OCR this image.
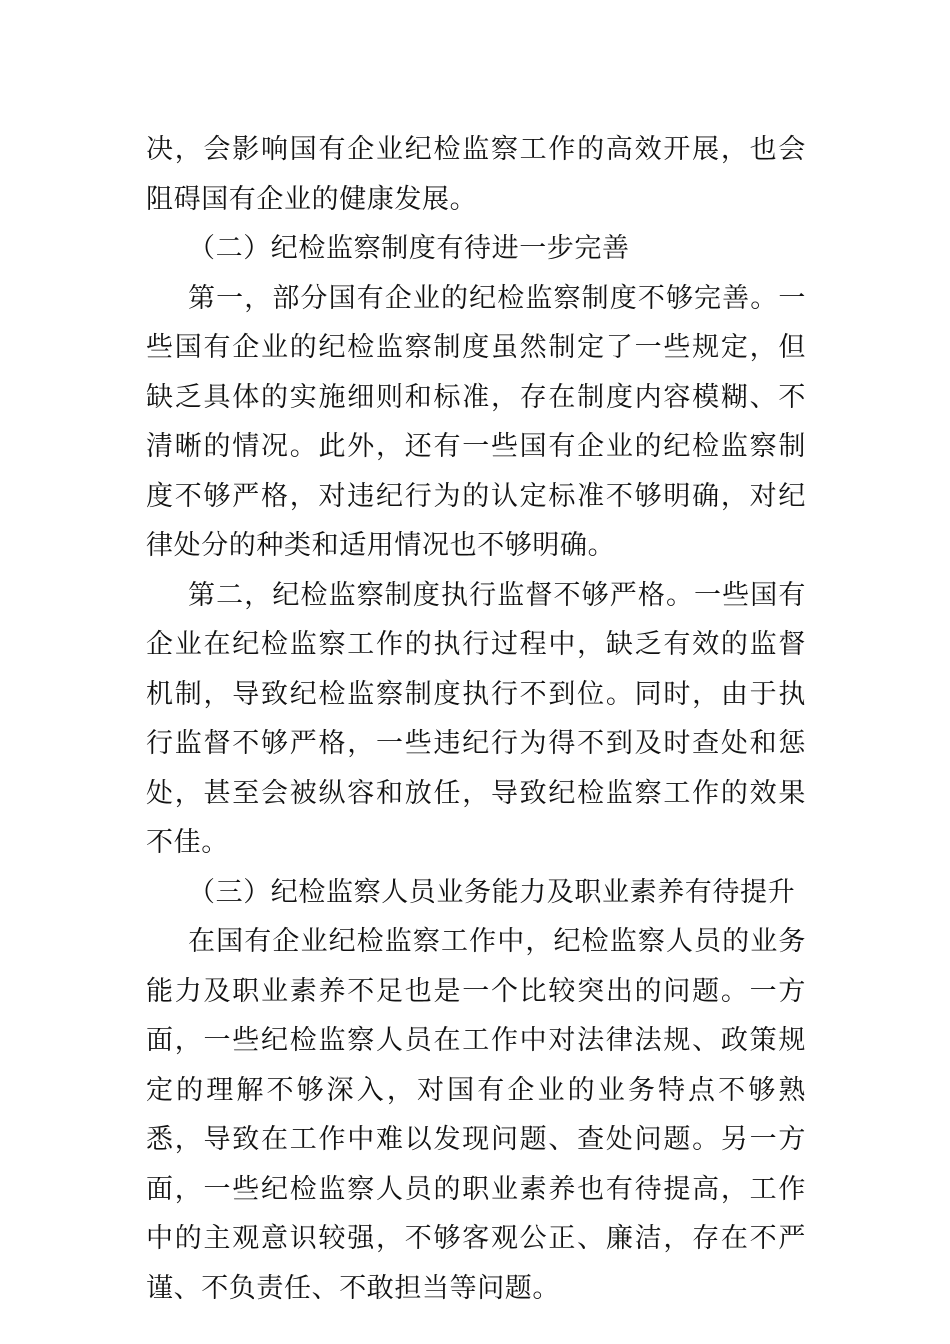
决，会影响国有企业纪检监察工作的高效开展，也会阻碍国有企业的健康发展。

（二）纪检监察制度有待进一步完善

第一，部分国有企业的纪检监察制度不够完善。一些国有企业的纪检监察制度虽然制定了一些规定，但缺乏具体的实施细则和标准，存在制度内容模糊、不清晰的情况。此外，还有一些国有企业的纪检监察制度不够严格，对违纪行为的认定标准不够明确，对纪律处分的种类和适用情况也不够明确。

第二，纪检监察制度执行监督不够严格。一些国有企业在纪检监察工作的执行过程中，缺乏有效的监督机制，导致纪检监察制度执行不到位。同时，由于执行监督不够严格，一些违纪行为得不到及时查处和惩处，甚至会被纵容和放任，导致纪检监察工作的效果不佳。

（三）纪检监察人员业务能力及职业素养有待提升

在国有企业纪检监察工作中，纪检监察人员的业务能力及职业素养不足也是一个比较突出的问题。一方面，一些纪检监察人员在工作中对法律法规、政策规定的理解不够深入，对国有企业的业务特点不够熟悉，导致在工作中难以发现问题、查处问题。另一方面，一些纪检监察人员的职业素养也有待提高，工作中的主观意识较强，不够客观公正、廉洁，存在不严谨、不负责任、不敢担当等问题。
